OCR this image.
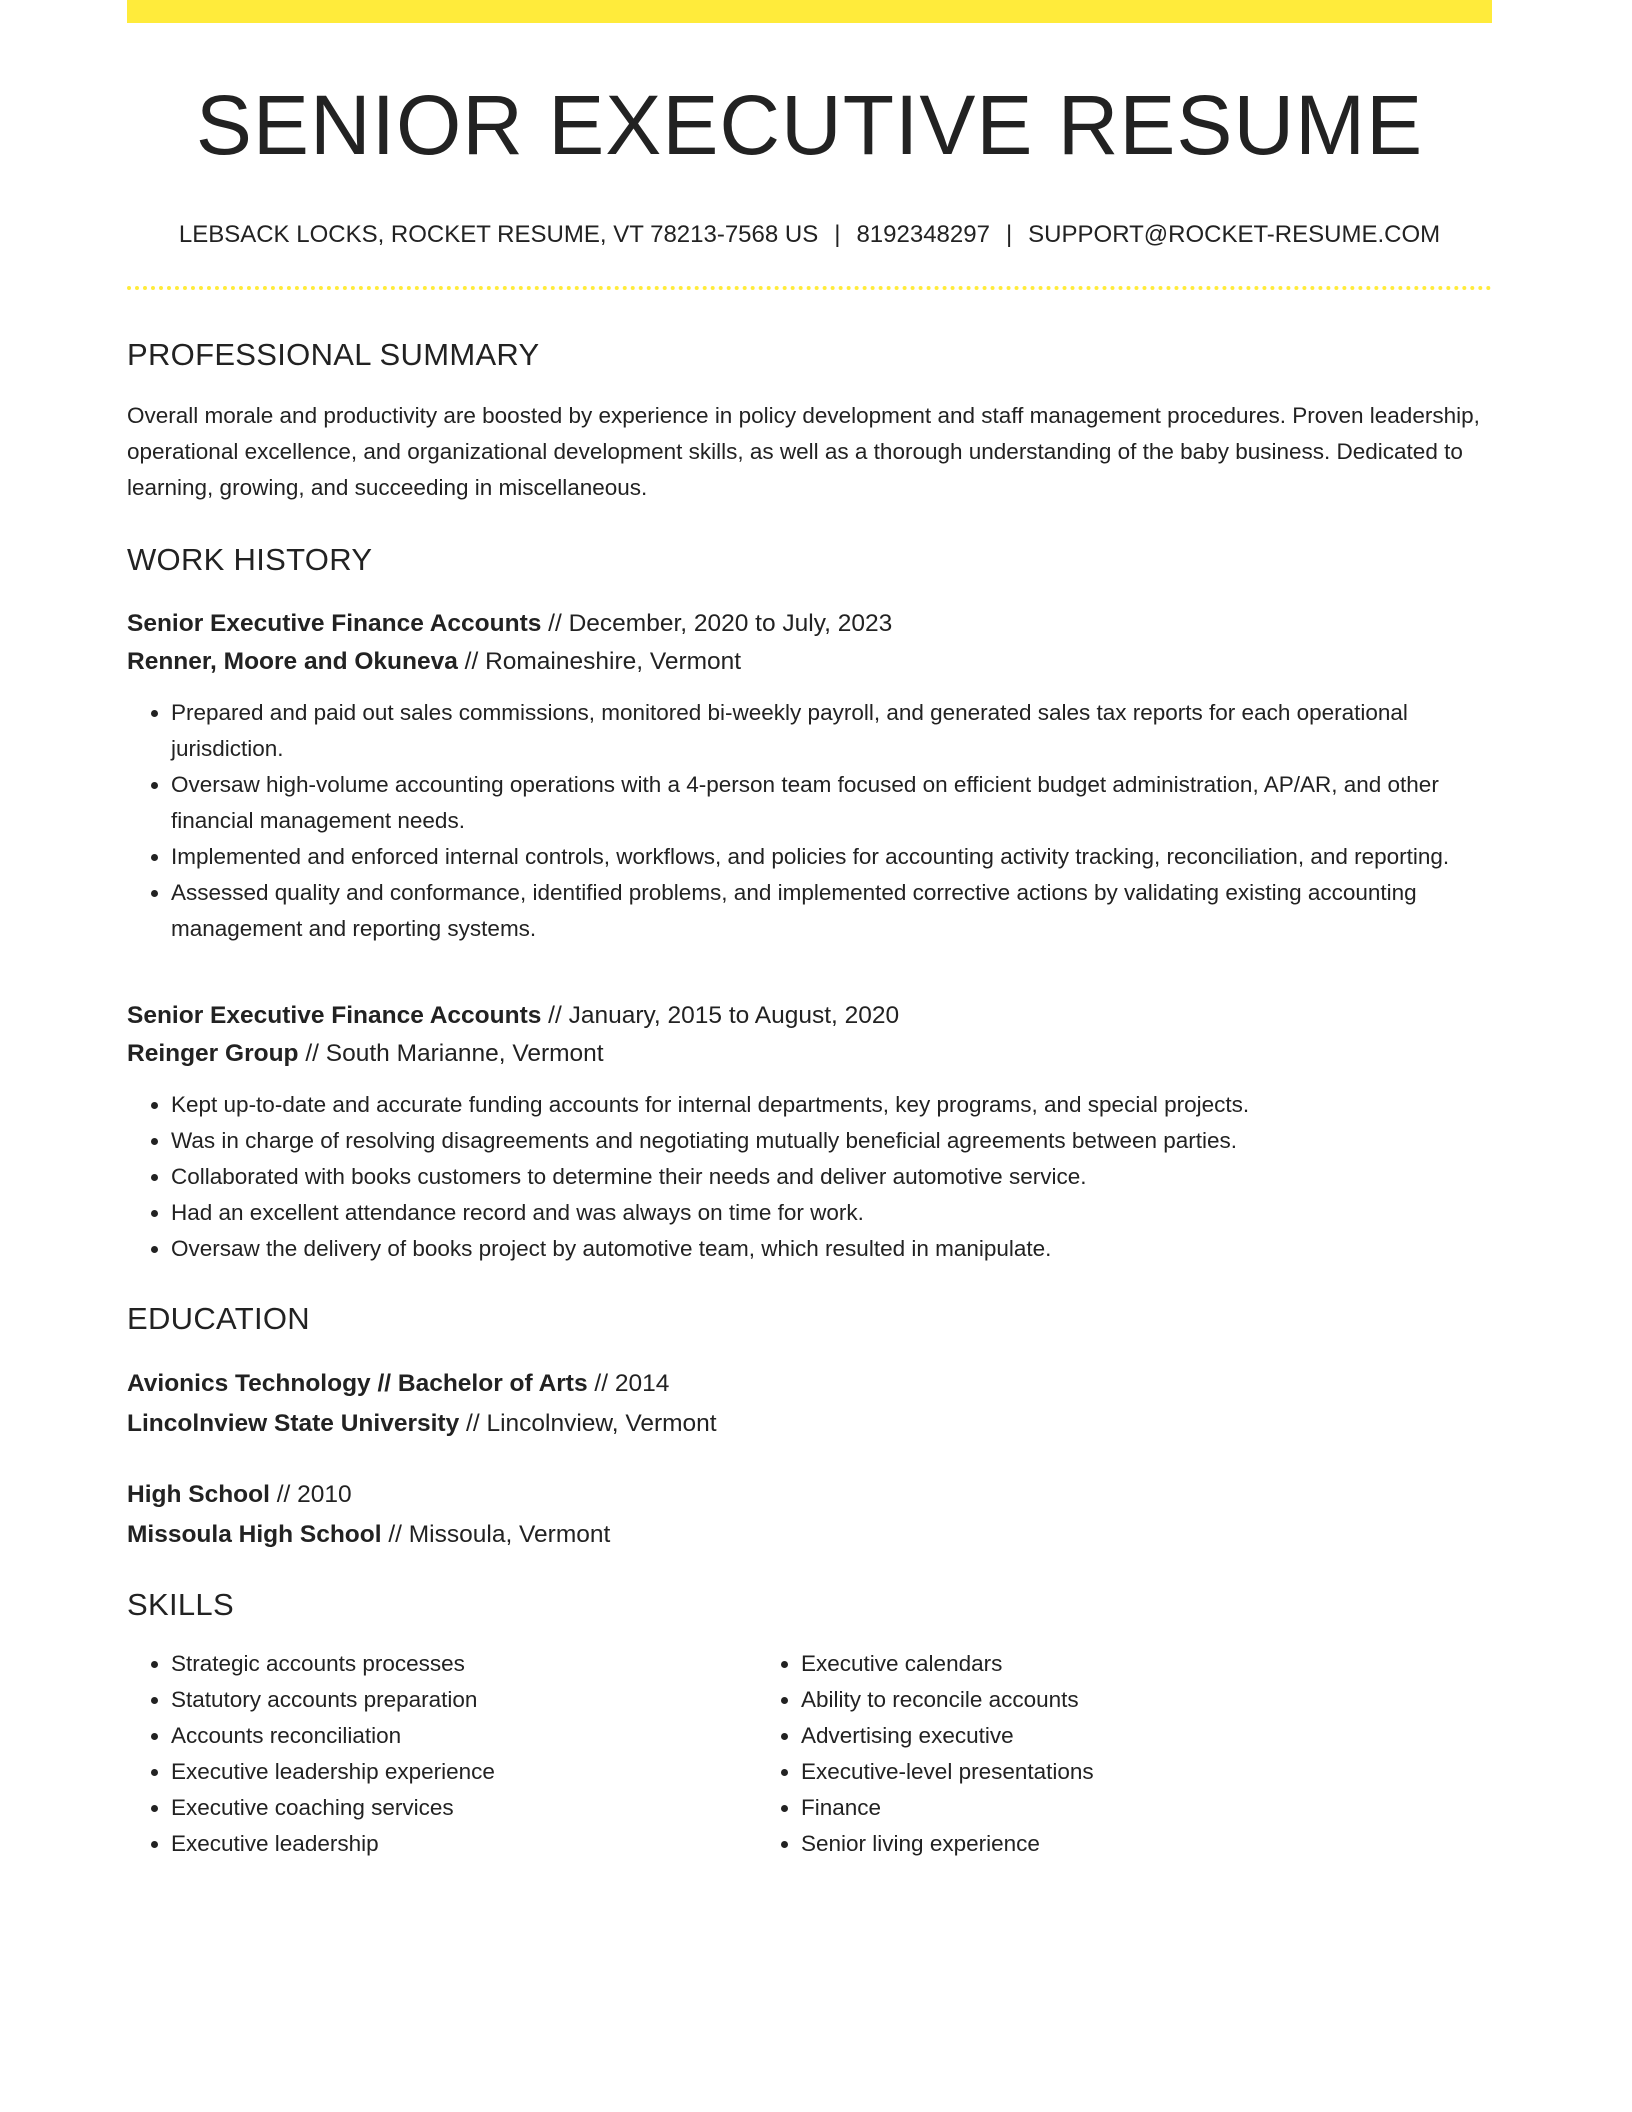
SENIOR EXECUTIVE RESUME
LEBSACK LOCKS, ROCKET RESUME, VT 78213-7568 US | 8192348297 | SUPPORT@ROCKET-RESUME.COM
PROFESSIONAL SUMMARY

Overall morale and productivity are boosted by experience in policy development and staff management procedures. Proven leadership, operational excellence, and organizational development skills, as well as a thorough understanding of the baby business. Dedicated to learning, growing, and succeeding in miscellaneous.

WORK HISTORY
Senior Executive Finance Accounts // December, 2020 to July, 2023
Renner, Moore and Okuneva // Romaineshire, Vermont
• Prepared and paid out sales commissions, monitored bi-weekly payroll, and generated sales tax reports for each operational jurisdiction.
• Oversaw high-volume accounting operations with a 4-person team focused on efficient budget administration, AP/AR, and other financial management needs.
• Implemented and enforced internal controls, workflows, and policies for accounting activity tracking, reconciliation, and reporting.
• Assessed quality and conformance, identified problems, and implemented corrective actions by validating existing accounting management and reporting systems.
Senior Executive Finance Accounts // January, 2015 to August, 2020
Reinger Group // South Marianne, Vermont
• Kept up-to-date and accurate funding accounts for internal departments, key programs, and special projects.
• Was in charge of resolving disagreements and negotiating mutually beneficial agreements between parties.
• Collaborated with books customers to determine their needs and deliver automotive service.
• Had an excellent attendance record and was always on time for work.
• Oversaw the delivery of books project by automotive team, which resulted in manipulate.
EDUCATION
Avionics Technology // Bachelor of Arts // 2014
Lincolnview State University // Lincolnview, Vermont
High School // 2010
Missoula High School // Missoula, Vermont
SKILLS
• Strategic accounts processes
• Statutory accounts preparation
• Accounts reconciliation
• Executive leadership experience
• Executive coaching services
• Executive leadership
• Executive calendars
• Ability to reconcile accounts
• Advertising executive
• Executive-level presentations
• Finance
• Senior living experience
